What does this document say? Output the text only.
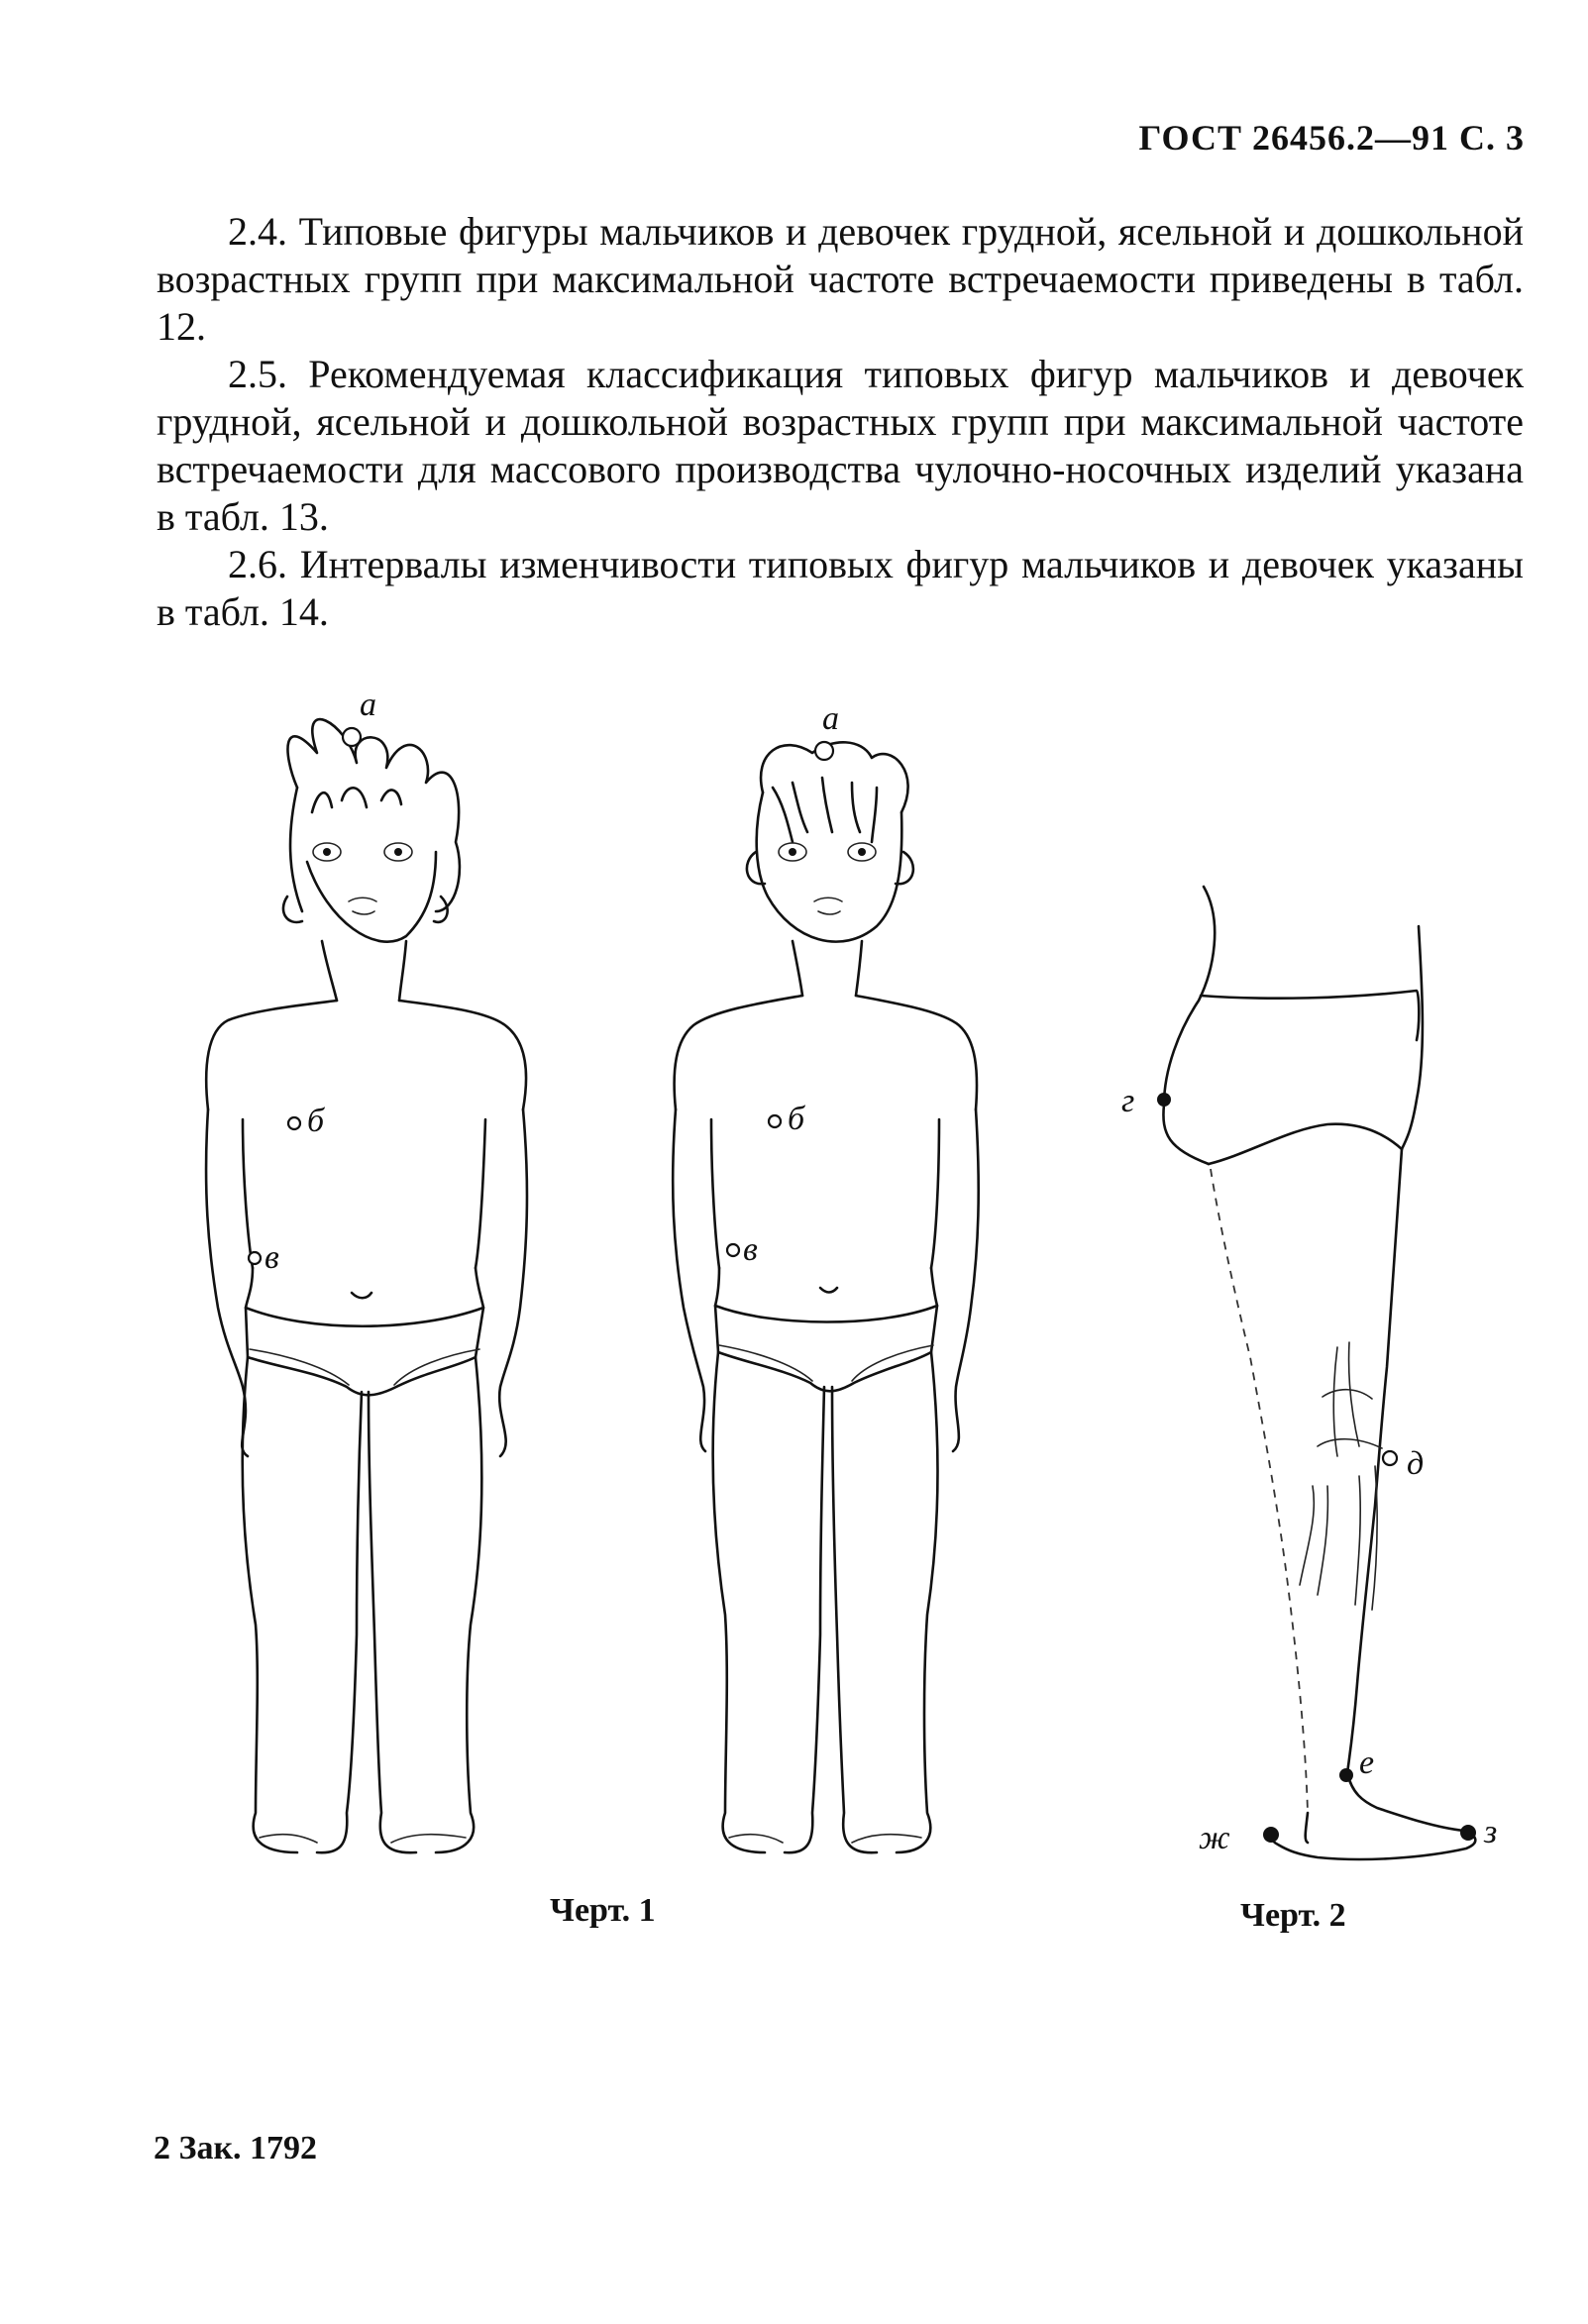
ГОСТ 26456.2—91 С. 3

2.4. Типовые фигуры мальчиков и девочек грудной, ясельной и дошкольной возрастных групп при максимальной частоте встречаемости приведены в табл. 12.

2.5. Рекомендуемая классификация типовых фигур мальчиков и девочек грудной, ясельной и дошкольной возрастных групп при максимальной частоте встречаемости для массового производства чулочно-носочных изделий указана в табл. 13.

2.6. Интервалы изменчивости типовых фигур мальчиков и девочек указаны в табл. 14.

а
б
в
а
б
в
г
д
е
ж	з
Черт. 1	Черт. 2
2 Зак. 1792
